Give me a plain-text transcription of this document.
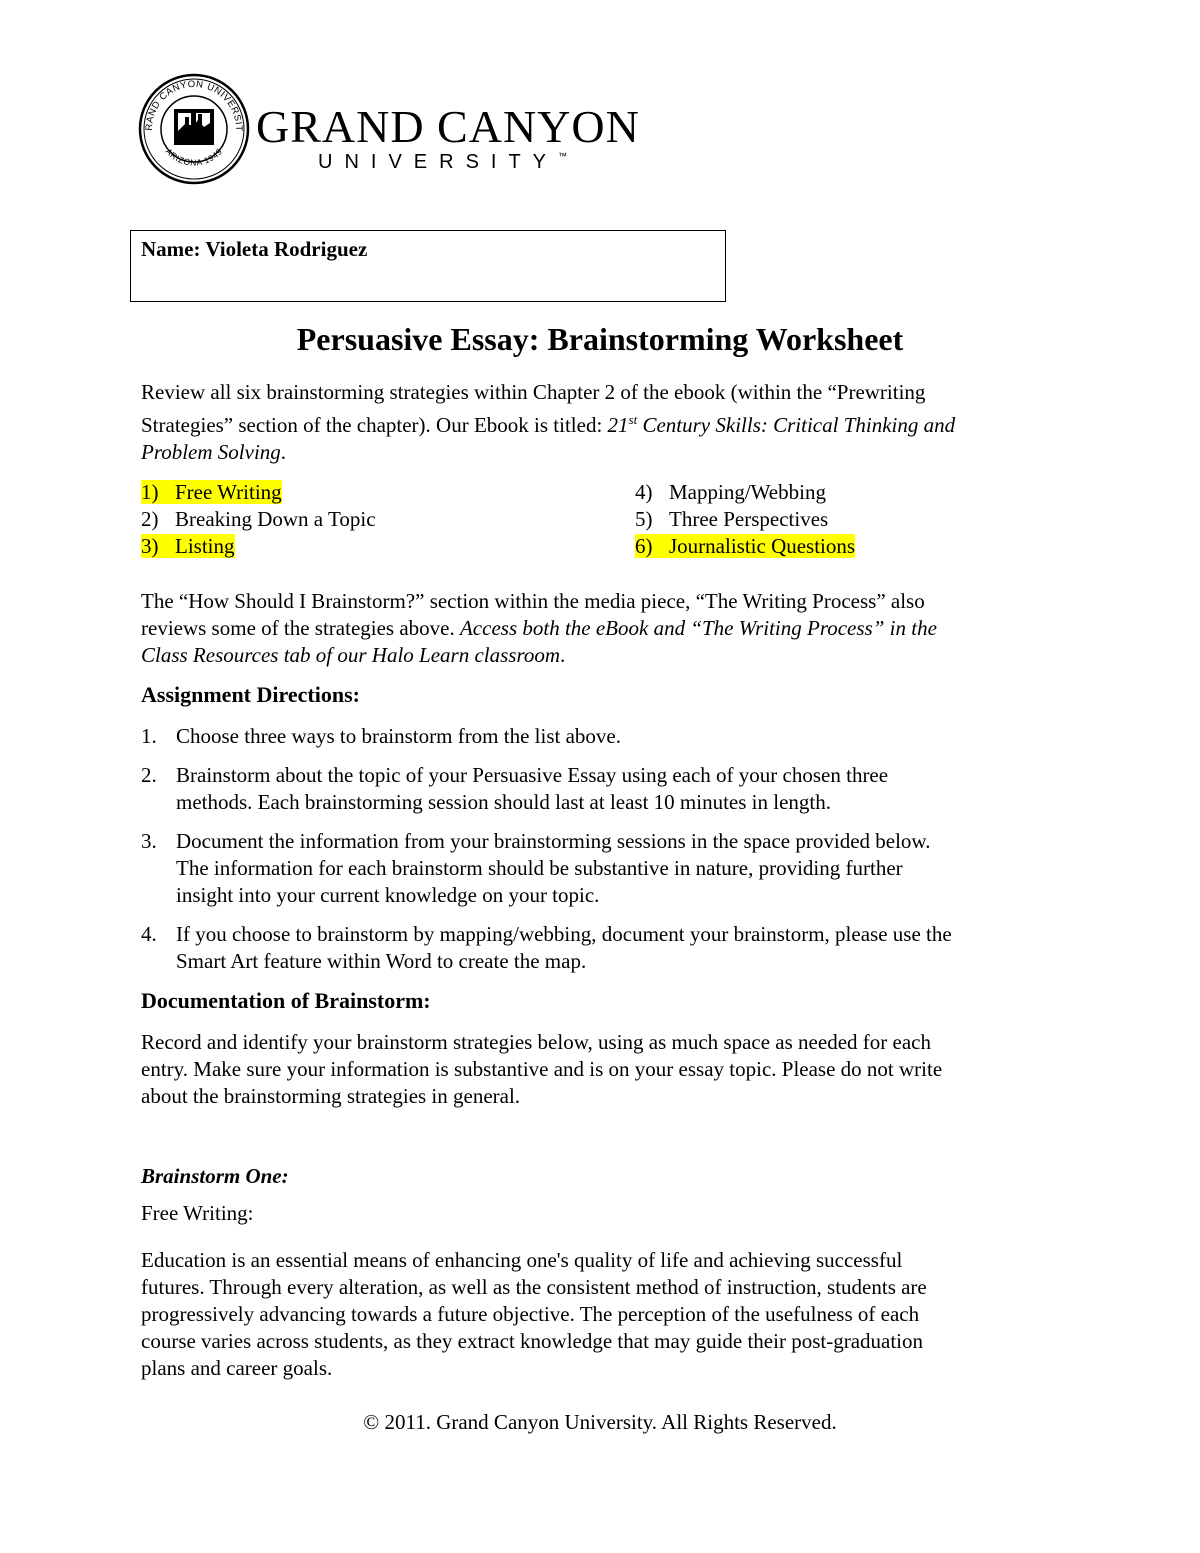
RAND CANYON UNIVERSIT
ARIZONA 1949 GRAND CANYON
UNIVERSITY™
Name: Violeta Rodriguez
Persuasive Essay: Brainstorming Worksheet
Review all six brainstorming strategies within Chapter 2 of the ebook (within the “Prewriting
Strategies” section of the chapter). Our Ebook is titled: 21st Century Skills: Critical Thinking and
Problem Solving.
1) Free Writing
2) Breaking Down a Topic
3) Listing
4) Mapping/Webbing
5) Three Perspectives
6) Journalistic Questions
The “How Should I Brainstorm?” section within the media piece, “The Writing Process” also
reviews some of the strategies above. Access both the eBook and “The Writing Process” in the
Class Resources tab of our Halo Learn classroom.
Assignment Directions:
1. Choose three ways to brainstorm from the list above.
2. Brainstorm about the topic of your Persuasive Essay using each of your chosen three
methods. Each brainstorming session should last at least 10 minutes in length.
3. Document the information from your brainstorming sessions in the space provided below.
The information for each brainstorm should be substantive in nature, providing further
insight into your current knowledge on your topic.
4. If you choose to brainstorm by mapping/webbing, document your brainstorm, please use the
Smart Art feature within Word to create the map.
Documentation of Brainstorm:
Record and identify your brainstorm strategies below, using as much space as needed for each
entry. Make sure your information is substantive and is on your essay topic. Please do not write
about the brainstorming strategies in general.
Brainstorm One:
Free Writing:
Education is an essential means of enhancing one's quality of life and achieving successful
futures. Through every alteration, as well as the consistent method of instruction, students are
progressively advancing towards a future objective. The perception of the usefulness of each
course varies across students, as they extract knowledge that may guide their post-graduation
plans and career goals.
© 2011. Grand Canyon University. All Rights Reserved.
